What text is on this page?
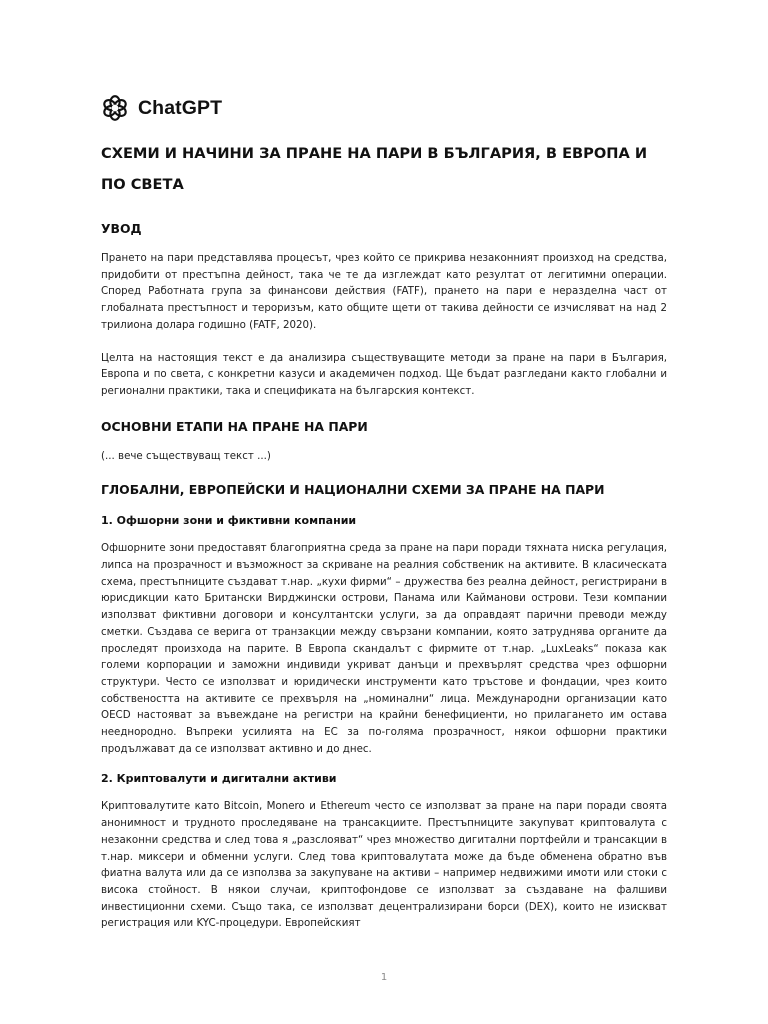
ChatGPT
СХЕМИ И НАЧИНИ ЗА ПРАНЕ НА ПАРИ В БЪЛГАРИЯ, В ЕВРОПА И ПО СВЕТА
УВОД

Прането на пари представлява процесът, чрез който се прикрива незаконният произход на средства, придобити от престъпна дейност, така че те да изглеждат като резултат от легитимни операции. Според Работната група за финансови действия (FATF), прането на пари е неразделна част от глобалната престъпност и тероризъм, като общите щети от такива дейности се изчисляват на над 2 трилиона долара годишно (FATF, 2020).

Целта на настоящия текст е да анализира съществуващите методи за пране на пари в България, Европа и по света, с конкретни казуси и академичен подход. Ще бъдат разгледани както глобални и регионални практики, така и спецификата на българския контекст.

ОСНОВНИ ЕТАПИ НА ПРАНЕ НА ПАРИ

(... вече съществуващ текст ...)

ГЛОБАЛНИ, ЕВРОПЕЙСКИ И НАЦИОНАЛНИ СХЕМИ ЗА ПРАНЕ НА ПАРИ
1. Офшорни зони и фиктивни компании

Офшорните зони предоставят благоприятна среда за пране на пари поради тяхната ниска регулация, липса на прозрачност и възможност за скриване на реалния собственик на активите. В класическата схема, престъпниците създават т.нар. „кухи фирми“ – дружества без реална дейност, регистрирани в юрисдикции като Британски Вирджински острови, Панама или Кайманови острови. Тези компании използват фиктивни договори и консултантски услуги, за да оправдаят парични преводи между сметки. Създава се верига от транзакции между свързани компании, която затруднява органите да проследят произхода на парите. В Европа скандалът с фирмите от т.нар. „LuxLeaks“ показа как големи корпорации и заможни индивиди укриват данъци и прехвърлят средства чрез офшорни структури. Често се използват и юридически инструменти като тръстове и фондации, чрез които собствеността на активите се прехвърля на „номинални“ лица. Международни организации като OECD настояват за въвеждане на регистри на крайни бенефициенти, но прилагането им остава нееднородно. Въпреки усилията на ЕС за по-голяма прозрачност, някои офшорни практики продължават да се използват активно и до днес.

2. Криптовалути и дигитални активи

Криптовалутите като Bitcoin, Monero и Ethereum често се използват за пране на пари поради своята анонимност и трудното проследяване на трансакциите. Престъпниците закупуват криптовалута с незаконни средства и след това я „разслояват“ чрез множество дигитални портфейли и трансакции в т.нар. миксери и обменни услуги. След това криптовалутата може да бъде обменена обратно във фиатна валута или да се използва за закупуване на активи – например недвижими имоти или стоки с висока стойност. В някои случаи, криптофондове се използват за създаване на фалшиви инвестиционни схеми. Също така, се използват децентрализирани борси (DEX), които не изискват регистрация или KYC-процедури. Европейският

1
